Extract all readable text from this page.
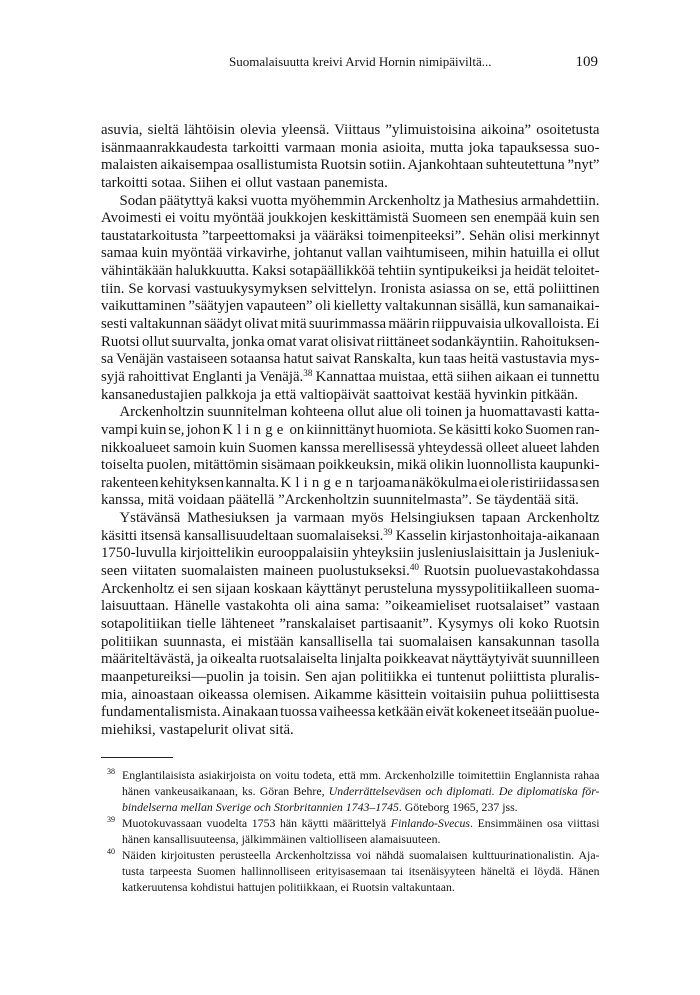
Suomalaisuutta kreivi Arvid Hornin nimipäiviltä...	109
asuvia, sieltä lähtöisin olevia yleensä. Viittaus ”ylimuistoisina aikoina” osoitetusta
isänmaanrakkaudesta tarkoitti varmaan monia asioita, mutta joka tapauksessa suo-
malaisten aikaisempaa osallistumista Ruotsin sotiin. Ajankohtaan suhteutettuna ”nyt”
tarkoitti sotaa. Siihen ei ollut vastaan panemista.
Sodan päätyttyä kaksi vuotta myöhemmin Arckenholtz ja Mathesius armahdettiin.
Avoimesti ei voitu myöntää joukkojen keskittämistä Suomeen sen enempää kuin sen
taustatarkoitusta ”tarpeettomaksi ja vääräksi toimenpiteeksi”. Sehän olisi merkinnyt
samaa kuin myöntää virkavirhe, johtanut vallan vaihtumiseen, mihin hatuilla ei ollut
vähintäkään halukkuutta. Kaksi sotapäällikköä tehtiin syntipukeiksi ja heidät teloitet-
tiin. Se korvasi vastuukysymyksen selvittelyn. Ironista asiassa on se, että poliittinen
vaikuttaminen ”säätyjen vapauteen” oli kielletty valtakunnan sisällä, kun samanaikai-
sesti valtakunnan säädyt olivat mitä suurimmassa määrin riippuvaisia ulkovalloista. Ei
Ruotsi ollut suurvalta, jonka omat varat olisivat riittäneet sodankäyntiin. Rahoituksen-
sa Venäjän vastaiseen sotaansa hatut saivat Ranskalta, kun taas heitä vastustavia mys-
syjä rahoittivat Englanti ja Venäjä.$^{38}$ Kannattaa muistaa, että siihen aikaan ei tunnettu
kansanedustajien palkkoja ja että valtiopäivät saattoivat kestää hyvinkin pitkään.
Arckenholtzin suunnitelman kohteena ollut alue oli toinen ja huomattavasti katta-
vampi kuin se, johon Klinge on kiinnittänyt huomiota. Se käsitti koko Suomen ran-
nikkoalueet samoin kuin Suomen kanssa merellisessä yhteydessä olleet alueet lahden
toiselta puolen, mitättömin sisämaan poikkeuksin, mikä olikin luonnollista kaupunki-
rakenteen kehityksen kannalta. Klingen tarjoama näkökulma ei ole ristiriidassa sen
kanssa, mitä voidaan päätellä ”Arckenholtzin suunnitelmasta”. Se täydentää sitä.
Ystävänsä Mathesiuksen ja varmaan myös Helsingiuksen tapaan Arckenholtz
käsitti itsensä kansallisuudeltaan suomalaiseksi.$^{39}$ Kasselin kirjastonhoitaja-aikanaan
1750-luvulla kirjoittelikin eurooppalaisiin yhteyksiin jusleniuslaisittain ja Jusleniuk-
seen viitaten suomalaisten maineen puolustukseksi.$^{40}$ Ruotsin puoluevastakohdassa
Arckenholtz ei sen sijaan koskaan käyttänyt perusteluna myssypolitiikalleen suoma-
laisuuttaan. Hänelle vastakohta oli aina sama: ”oikeamieliset ruotsalaiset” vastaan
sotapolitiikan tielle lähteneet ”ranskalaiset partisaanit”. Kysymys oli koko Ruotsin
politiikan suunnasta, ei mistään kansallisella tai suomalaisen kansakunnan tasolla
määriteltävästä, ja oikealta ruotsalaiselta linjalta poikkeavat näyttäytyivät suunnilleen
maanpetureiksi—puolin ja toisin. Sen ajan politiikka ei tuntenut poliittista pluralis-
mia, ainoastaan oikeassa olemisen. Aikamme käsittein voitaisiin puhua poliittisesta
fundamentalismista. Ainakaan tuossa vaiheessa ketkään eivät kokeneet itseään puolue-
miehiksi, vastapelurit olivat sitä.
38 Englantilaisista asiakirjoista on voitu todeta, että mm. Arckenholzille toimitettiin Englannista rahaa
hänen vankeusaikanaan, ks. Göran Behre, Underrättelseväsen och diplomati. De diplomatiska för-
bindelserna mellan Sverige och Storbritannien 1743–1745. Göteborg 1965, 237 jss.
39 Muotokuvassaan vuodelta 1753 hän käytti määrittelyä Finlando-Svecus. Ensimmäinen osa viittasi
hänen kansallisuuteensa, jälkimmäinen valtiolliseen alamaisuuteen.
40 Näiden kirjoitusten perusteella Arckenholtzissa voi nähdä suomalaisen kulttuurinationalistin. Aja-
tusta tarpeesta Suomen hallinnolliseen erityisasemaan tai itsenäisyyteen häneltä ei löydä. Hänen
katkeruutensa kohdistui hattujen politiikkaan, ei Ruotsin valtakuntaan.
